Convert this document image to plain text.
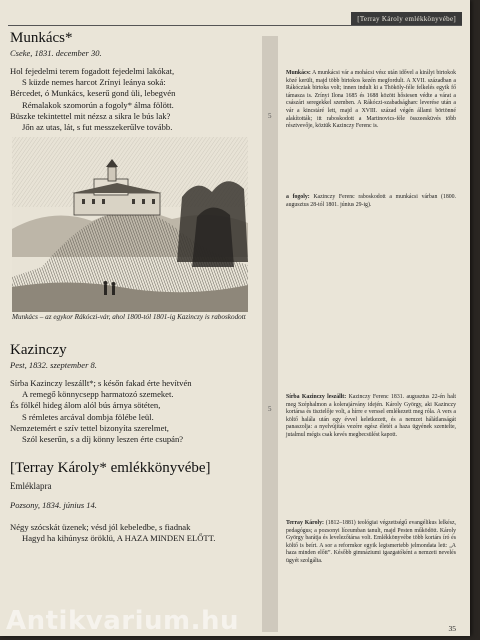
[Terray Károly emlékkönyvébe]
5
5
Munkács*
Cseke, 1831. december 30.
Hol fejedelmi terem fogadott fejedelmi lakókat,
S küzde nemes harcot Zrínyi leánya soká:
Bércedet, ó Munkács, keserű gond üli, lebegvén
Rémalakok szomorún a fogoly* álma fölött.
Büszke tekintettel mit nézsz a sikra le bús lak?
Jőn az utas, lát, s fut messzekerűlve tovább.
Munkács – az egykor Rákóczi-vár, ahol 1800-tól 1801-ig Kazinczy is raboskodott
Kazinczy
Pest, 1832. szeptember 8.
Sírba Kazinczy leszállt*; s későn fakad érte hevítvén
A remegő könnycsepp harmatozó szemeket.
És fölkél hideg álom alól bús árnya sötéten,
S rémletes arcával dombja fölébe leül.
Nemzetemért e szív tettel bizonyíta szerelmet,
Szól keserűn, s a díj könny leszen érte csupán?
[Terray Károly* emlékkönyvébe]
Emléklapra
Pozsony, 1834. június 14.
Négy szócskát üzenek; vésd jól kebeledbe, s fiadnak
Hagyd ha kihúnysz öröklü, A HAZA MINDEN ELŐTT.
Munkács: A munkácsi vár a mohácsi vész után idővel a királyi birtokok közé került, majd több birtokos kezén megfordult. A XVII. században a Rákócziak birtoka volt; innen indult ki a Thököly-féle felkelés egyik fő támasza is. Zrínyi Ilona 1685 és 1688 között hősiesen védte a várat a császári seregekkel szemben. A Rákóczi-szabadságharc leverése után a vár a kincstáré lett, majd a XVIII. század végén állami börtönné alakították; itt raboskodott a Martinovics-féle összeesküvés több résztvevője, köztük Kazinczy Ferenc is.
a fogoly: Kazinczy Ferenc raboskodott a munkácsi várban (1800. augusztus 28-tól 1801. június 29-ig).
Sírba Kazinczy leszállt: Kazinczy Ferenc 1831. augusztus 22-én halt meg Széphalmon a kolerajárvány idején. Károly György, aki Kazinczy kortársa és tisztelője volt, a hírre e verssel emlékezett meg róla. A vers a költő halála után egy évvel keletkezett, és a nemzet hálátlanságát panaszolja: a nyelvújítás vezére egész életét a haza ügyének szentelte, jutalmul mégis csak kevés megbecsülést kapott.
Terray Károly: (1812–1881) teológiai végzettségű evangélikus lelkész, pedagógus; a pozsonyi líceumban tanult, majd Pesten működött. Károly György barátja és levelezőtársa volt. Emlékkönyvébe több kortárs író és költő is beírt. A sor a reformkor egyik legismertebb jelmondata lett: „A haza minden előtt”. Később gimnáziumi igazgatóként a nemzeti nevelés ügyét szolgálta.
35
Antikvarium.hu
